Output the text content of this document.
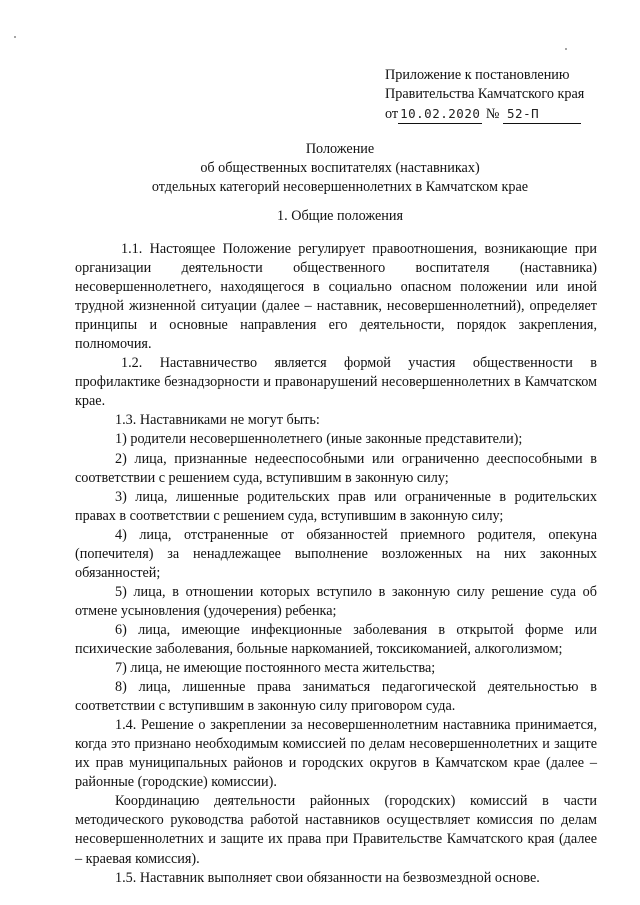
Приложение к постановлению
Правительства Камчатского края
от 10.02.2020 № 52-П
Положение
об общественных воспитателях (наставниках)
отдельных категорий несовершеннолетних в Камчатском крае
1. Общие положения

1.1. Настоящее Положение регулирует правоотношения, возникающие при организации деятельности общественного воспитателя (наставника) несовершеннолетнего, находящегося в социально опасном положении или иной трудной жизненной ситуации (далее – наставник, несовершеннолетний), определяет принципы и основные направления его деятельности, порядок закрепления, полномочия.

1.2. Наставничество является формой участия общественности в профилактике безнадзорности и правонарушений несовершеннолетних в Камчатском крае.

1.3. Наставниками не могут быть:

1) родители несовершеннолетнего (иные законные представители);

2) лица, признанные недееспособными или ограниченно дееспособными в соответствии с решением суда, вступившим в законную силу;

3) лица, лишенные родительских прав или ограниченные в родительских правах в соответствии с решением суда, вступившим в законную силу;

4) лица, отстраненные от обязанностей приемного родителя, опекуна (попечителя) за ненадлежащее выполнение возложенных на них законных обязанностей;

5) лица, в отношении которых вступило в законную силу решение суда об отмене усыновления (удочерения) ребенка;

6) лица, имеющие инфекционные заболевания в открытой форме или психические заболевания, больные наркоманией, токсикоманией, алкоголизмом;

7) лица, не имеющие постоянного места жительства;

8) лица, лишенные права заниматься педагогической деятельностью в соответствии с вступившим в законную силу приговором суда.

1.4. Решение о закреплении за несовершеннолетним наставника принимается, когда это признано необходимым комиссией по делам несовершеннолетних и защите их прав муниципальных районов и городских округов в Камчатском крае (далее – районные (городские) комиссии).

Координацию деятельности районных (городских) комиссий в части методического руководства работой наставников осуществляет комиссия по делам несовершеннолетних и защите их права при Правительстве Камчатского края (далее – краевая комиссия).

1.5. Наставник выполняет свои обязанности на безвозмездной основе.
